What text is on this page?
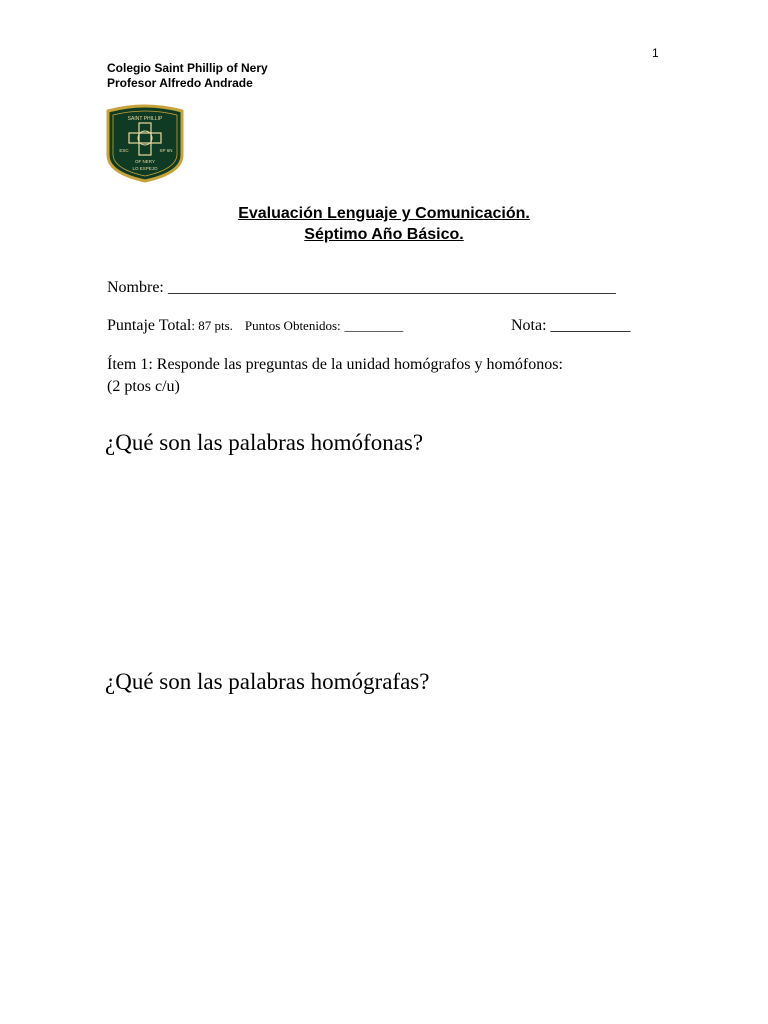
1
Colegio Saint Phillip of Nery
Profesor Alfredo Andrade
SAINT PHILLIP
ESC	SP 6N
OF NERY
LO ESPEJO
Evaluación Lenguaje y Comunicación.
Séptimo Año Básico.
Nombre: ________________________________________________________
Puntaje Total: 87 pts. Puntos Obtenidos: _________	Nota: __________
Ítem 1: Responde las preguntas de la unidad homógrafos y homófonos:
(2 ptos c/u)
¿Qué son las palabras homófonas?
¿Qué son las palabras homógrafas?
